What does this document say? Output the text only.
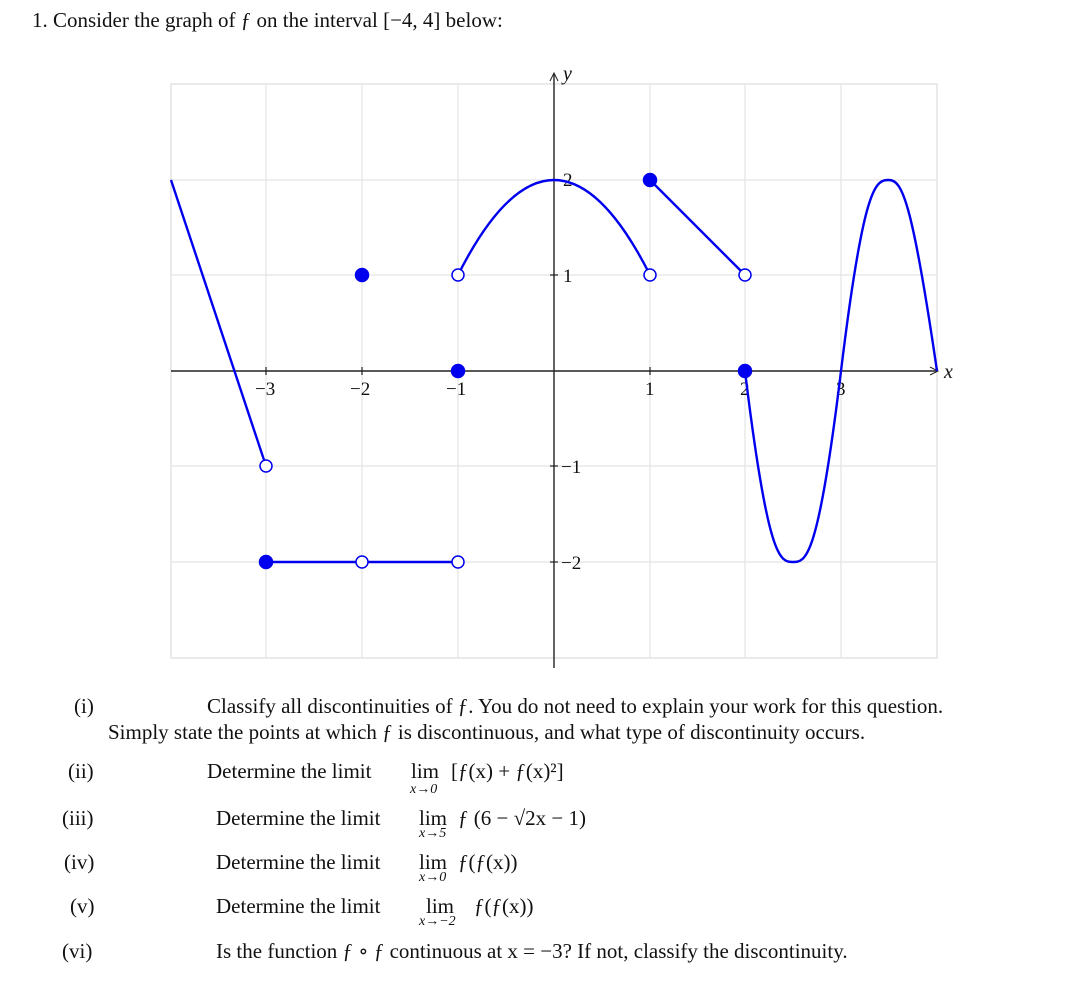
1. Consider the graph of ƒ on the interval [−4, 4] below:
y
x
−3	−2	−1	1	2	3
2
1
−1
−2
(i)	Classify all discontinuities of ƒ. You do not need to explain your work for this question.
Simply state the points at which ƒ is discontinuous, and what type of discontinuity occurs.
(ii)	Determine the limit lim
x→0
[ƒ(x) + ƒ(x)²]
(iii)	Determine the limit lim
x→5
ƒ (6 − √2x − 1)
(iv)	Determine the limit lim
x→0
ƒ(ƒ(x))
(v)	Determine the limit lim
x→−2
ƒ(ƒ(x))
(vi)	Is the function ƒ ∘ ƒ continuous at x = −3? If not, classify the discontinuity.
